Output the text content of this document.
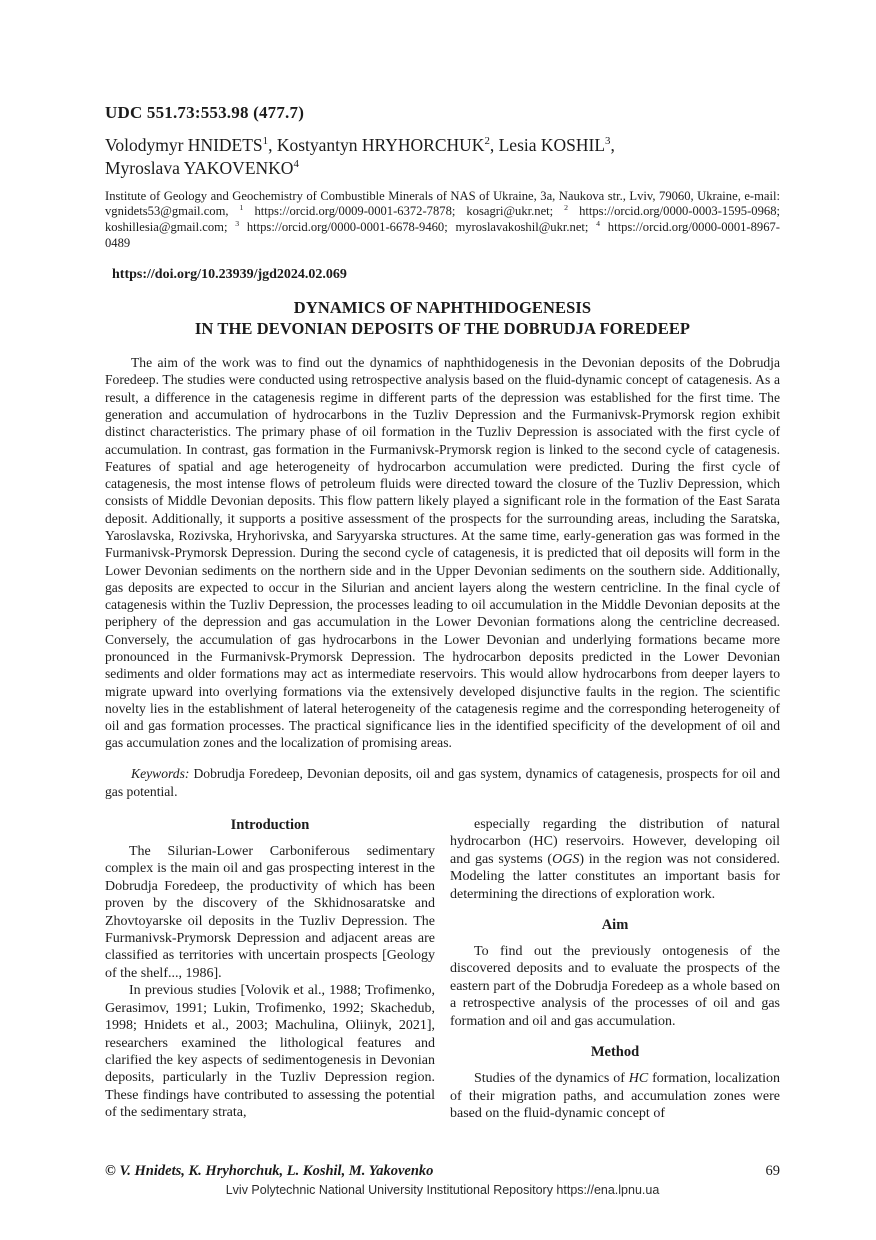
UDC 551.73:553.98 (477.7)
Volodymyr HNIDETS$^1$, Kostyantyn HRYHORCHUK$^2$, Lesia KOSHIL$^3$,
Myroslava YAKOVENKO$^4$
Institute of Geology and Geochemistry of Combustible Minerals of NAS of Ukraine, 3a, Naukova str., Lviv, 79060, Ukraine, e-mail: vgnidets53@gmail.com, $^1$ https://orcid.org/0009-0001-6372-7878; kosagri@ukr.net; $^2$ https://orcid.org/0000-0003-1595-0968; koshillesia@gmail.com; $^3$ https://orcid.org/0000-0001-6678-9460; myroslavakoshil@ukr.net; $^4$ https://orcid.org/0000-0001-8967-0489
https://doi.org/10.23939/jgd2024.02.069
DYNAMICS OF NAPHTHIDOGENESIS
IN THE DEVONIAN DEPOSITS OF THE DOBRUDJA FOREDEEP

The aim of the work was to find out the dynamics of naphthidogenesis in the Devonian deposits of the Dobrudja Foredeep. The studies were conducted using retrospective analysis based on the fluid-dynamic concept of catagenesis. As a result, a difference in the catagenesis regime in different parts of the depression was established for the first time. The generation and accumulation of hydrocarbons in the Tuzliv Depression and the Furmanivsk-Prymorsk region exhibit distinct characteristics. The primary phase of oil formation in the Tuzliv Depression is associated with the first cycle of accumulation. In contrast, gas formation in the Furmanivsk-Prymorsk region is linked to the second cycle of catagenesis. Features of spatial and age heterogeneity of hydrocarbon accumulation were predicted. During the first cycle of catagenesis, the most intense flows of petroleum fluids were directed toward the closure of the Tuzliv Depression, which consists of Middle Devonian deposits. This flow pattern likely played a significant role in the formation of the East Sarata deposit. Additionally, it supports a positive assessment of the prospects for the surrounding areas, including the Saratska, Yaroslavska, Rozivska, Hryhorivska, and Saryyarska structures. At the same time, early-generation gas was formed in the Furmanivsk-Prymorsk Depression. During the second cycle of catagenesis, it is predicted that oil deposits will form in the Lower Devonian sediments on the northern side and in the Upper Devonian sediments on the southern side. Additionally, gas deposits are expected to occur in the Silurian and ancient layers along the western centricline. In the final cycle of catagenesis within the Tuzliv Depression, the processes leading to oil accumulation in the Middle Devonian deposits at the periphery of the depression and gas accumulation in the Lower Devonian formations along the centricline decreased. Conversely, the accumulation of gas hydrocarbons in the Lower Devonian and underlying formations became more pronounced in the Furmanivsk-Prymorsk Depression. The hydrocarbon deposits predicted in the Lower Devonian sediments and older formations may act as intermediate reservoirs. This would allow hydrocarbons from deeper layers to migrate upward into overlying formations via the extensively developed disjunctive faults in the region. The scientific novelty lies in the establishment of lateral heterogeneity of the catagenesis regime and the corresponding heterogeneity of oil and gas formation processes. The practical significance lies in the identified specificity of the development of oil and gas accumulation zones and the localization of promising areas.

Keywords: Dobrudja Foredeep, Devonian deposits, oil and gas system, dynamics of catagenesis, prospects for oil and gas potential.

Introduction

The Silurian-Lower Carboniferous sedimentary complex is the main oil and gas prospecting interest in the Dobrudja Foredeep, the productivity of which has been proven by the discovery of the Skhidnosaratske and Zhovtoyarske oil deposits in the Tuzliv Depression. The Furmanivsk-Prymorsk Depression and adjacent areas are classified as territories with uncertain prospects [Geology of the shelf..., 1986].

In previous studies [Volovik et al., 1988; Trofimenko, Gerasimov, 1991; Lukin, Trofimenko, 1992; Skachedub, 1998; Hnidets et al., 2003; Machulina, Oliinyk, 2021], researchers examined the lithological features and clarified the key aspects of sedimentogenesis in Devonian deposits, particularly in the Tuzliv Depression region. These findings have contributed to assessing the potential of the sedimentary strata,

especially regarding the distribution of natural hydrocarbon (HC) reservoirs. However, developing oil and gas systems (OGS) in the region was not considered. Modeling the latter constitutes an important basis for determining the directions of exploration work.

Aim

To find out the previously ontogenesis of the discovered deposits and to evaluate the prospects of the eastern part of the Dobrudja Foredeep as a whole based on a retrospective analysis of the processes of oil and gas formation and oil and gas accumulation.

Method

Studies of the dynamics of HC formation, localization of their migration paths, and accumulation zones were based on the fluid-dynamic concept of

© V. Hnidets, K. Hryhorchuk, L. Koshil, M. Yakovenko	69
Lviv Polytechnic National University Institutional Repository https://ena.lpnu.ua
